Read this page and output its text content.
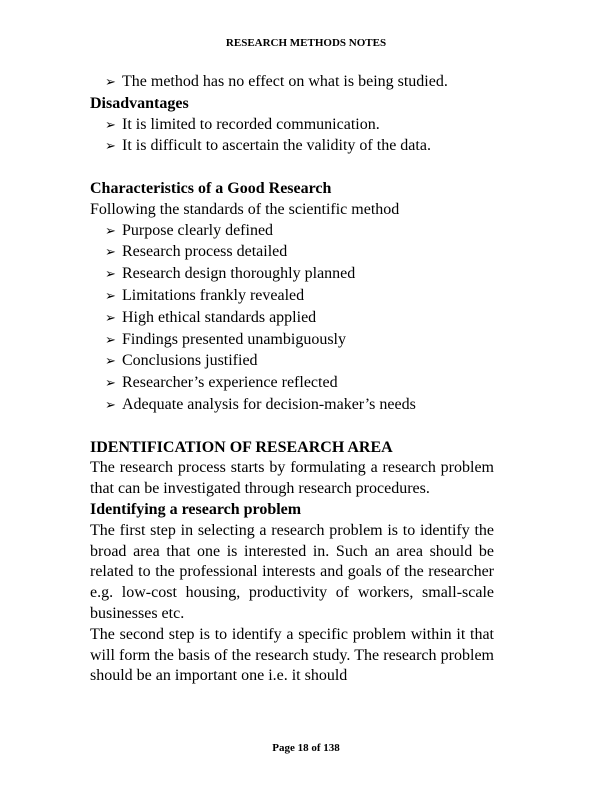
RESEARCH METHODS NOTES
➢ The method has no effect on what is being studied.
Disadvantages
➢ It is limited to recorded communication.
➢ It is difficult to ascertain the validity of the data.
Characteristics of a Good Research
Following the standards of the scientific method
➢ Purpose clearly defined
➢ Research process detailed
➢ Research design thoroughly planned
➢ Limitations frankly revealed
➢ High ethical standards applied
➢ Findings presented unambiguously
➢ Conclusions justified
➢ Researcher’s experience reflected
➢ Adequate analysis for decision-maker’s needs
IDENTIFICATION OF RESEARCH AREA
The research process starts by formulating a research problem that can be investigated through research procedures.
Identifying a research problem
The first step in selecting a research problem is to identify the broad area that one is interested in. Such an area should be related to the professional interests and goals of the researcher e.g. low-cost housing, productivity of workers, small-scale businesses etc.
The second step is to identify a specific problem within it that will form the basis of the research study. The research problem should be an important one i.e. it should
Page 18 of 138
